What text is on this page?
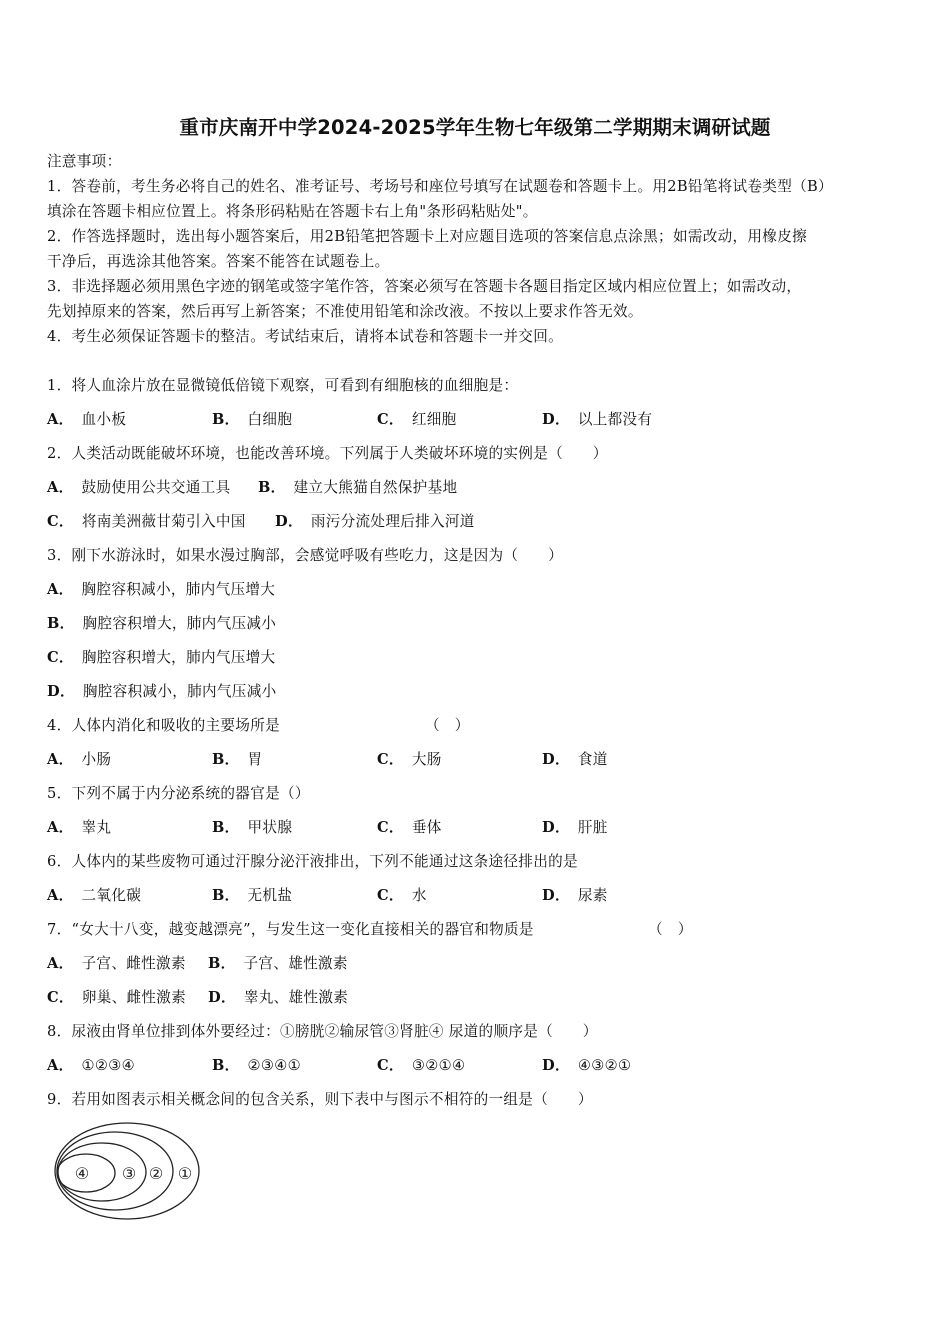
重市庆南开中学2024-2025学年生物七年级第二学期期末调研试题
注意事项：
1．答卷前，考生务必将自己的姓名、准考证号、考场号和座位号填写在试题卷和答题卡上。用2B铅笔将试卷类型（B）
填涂在答题卡相应位置上。将条形码粘贴在答题卡右上角"条形码粘贴处"。
2．作答选择题时，选出每小题答案后，用2B铅笔把答题卡上对应题目选项的答案信息点涂黑；如需改动，用橡皮擦
干净后，再选涂其他答案。答案不能答在试题卷上。
3．非选择题必须用黑色字迹的钢笔或签字笔作答，答案必须写在答题卡各题目指定区域内相应位置上；如需改动，
先划掉原来的答案，然后再写上新答案；不准使用铅笔和涂改液。不按以上要求作答无效。
4．考生必须保证答题卡的整洁。考试结束后，请将本试卷和答题卡一并交回。
1．将人血涂片放在显微镜低倍镜下观察，可看到有细胞核的血细胞是：
A． 血小板	B． 白细胞	C． 红细胞	D． 以上都没有
2．人类活动既能破坏环境，也能改善环境。下列属于人类破坏环境的实例是（　　）
A． 鼓励使用公共交通工具 B． 建立大熊猫自然保护基地
C． 将南美洲薇甘菊引入中国 D． 雨污分流处理后排入河道
3．刚下水游泳时，如果水漫过胸部，会感觉呼吸有些吃力，这是因为（　　）
A． 胸腔容积减小，肺内气压增大
B． 胸腔容积增大，肺内气压减小
C． 胸腔容积增大，肺内气压增大
D． 胸腔容积减小，肺内气压减小
4．人体内消化和吸收的主要场所是	（　）
A． 小肠	B． 胃	C． 大肠	D． 食道
5．下列不属于内分泌系统的器官是（）
A． 睾丸	B． 甲状腺	C． 垂体	D． 肝脏
6．人体内的某些废物可通过汗腺分泌汗液排出，下列不能通过这条途径排出的是
A． 二氧化碳	B． 无机盐	C． 水	D． 尿素
7．“女大十八变，越变越漂亮”，与发生这一变化直接相关的器官和物质是	（　）
A． 子宫、雌性激素 B． 子宫、雄性激素
C． 卵巢、雌性激素 D． 睾丸、雄性激素
8．尿液由肾单位排到体外要经过：①膀胱②输尿管③肾脏④ 尿道的顺序是（　　）
A． ①②③④	B． ②③④①	C． ③②①④	D． ④③②①
9．若用如图表示相关概念间的包含关系，则下表中与图示不相符的一组是（　　）
④ ③ ② ①
